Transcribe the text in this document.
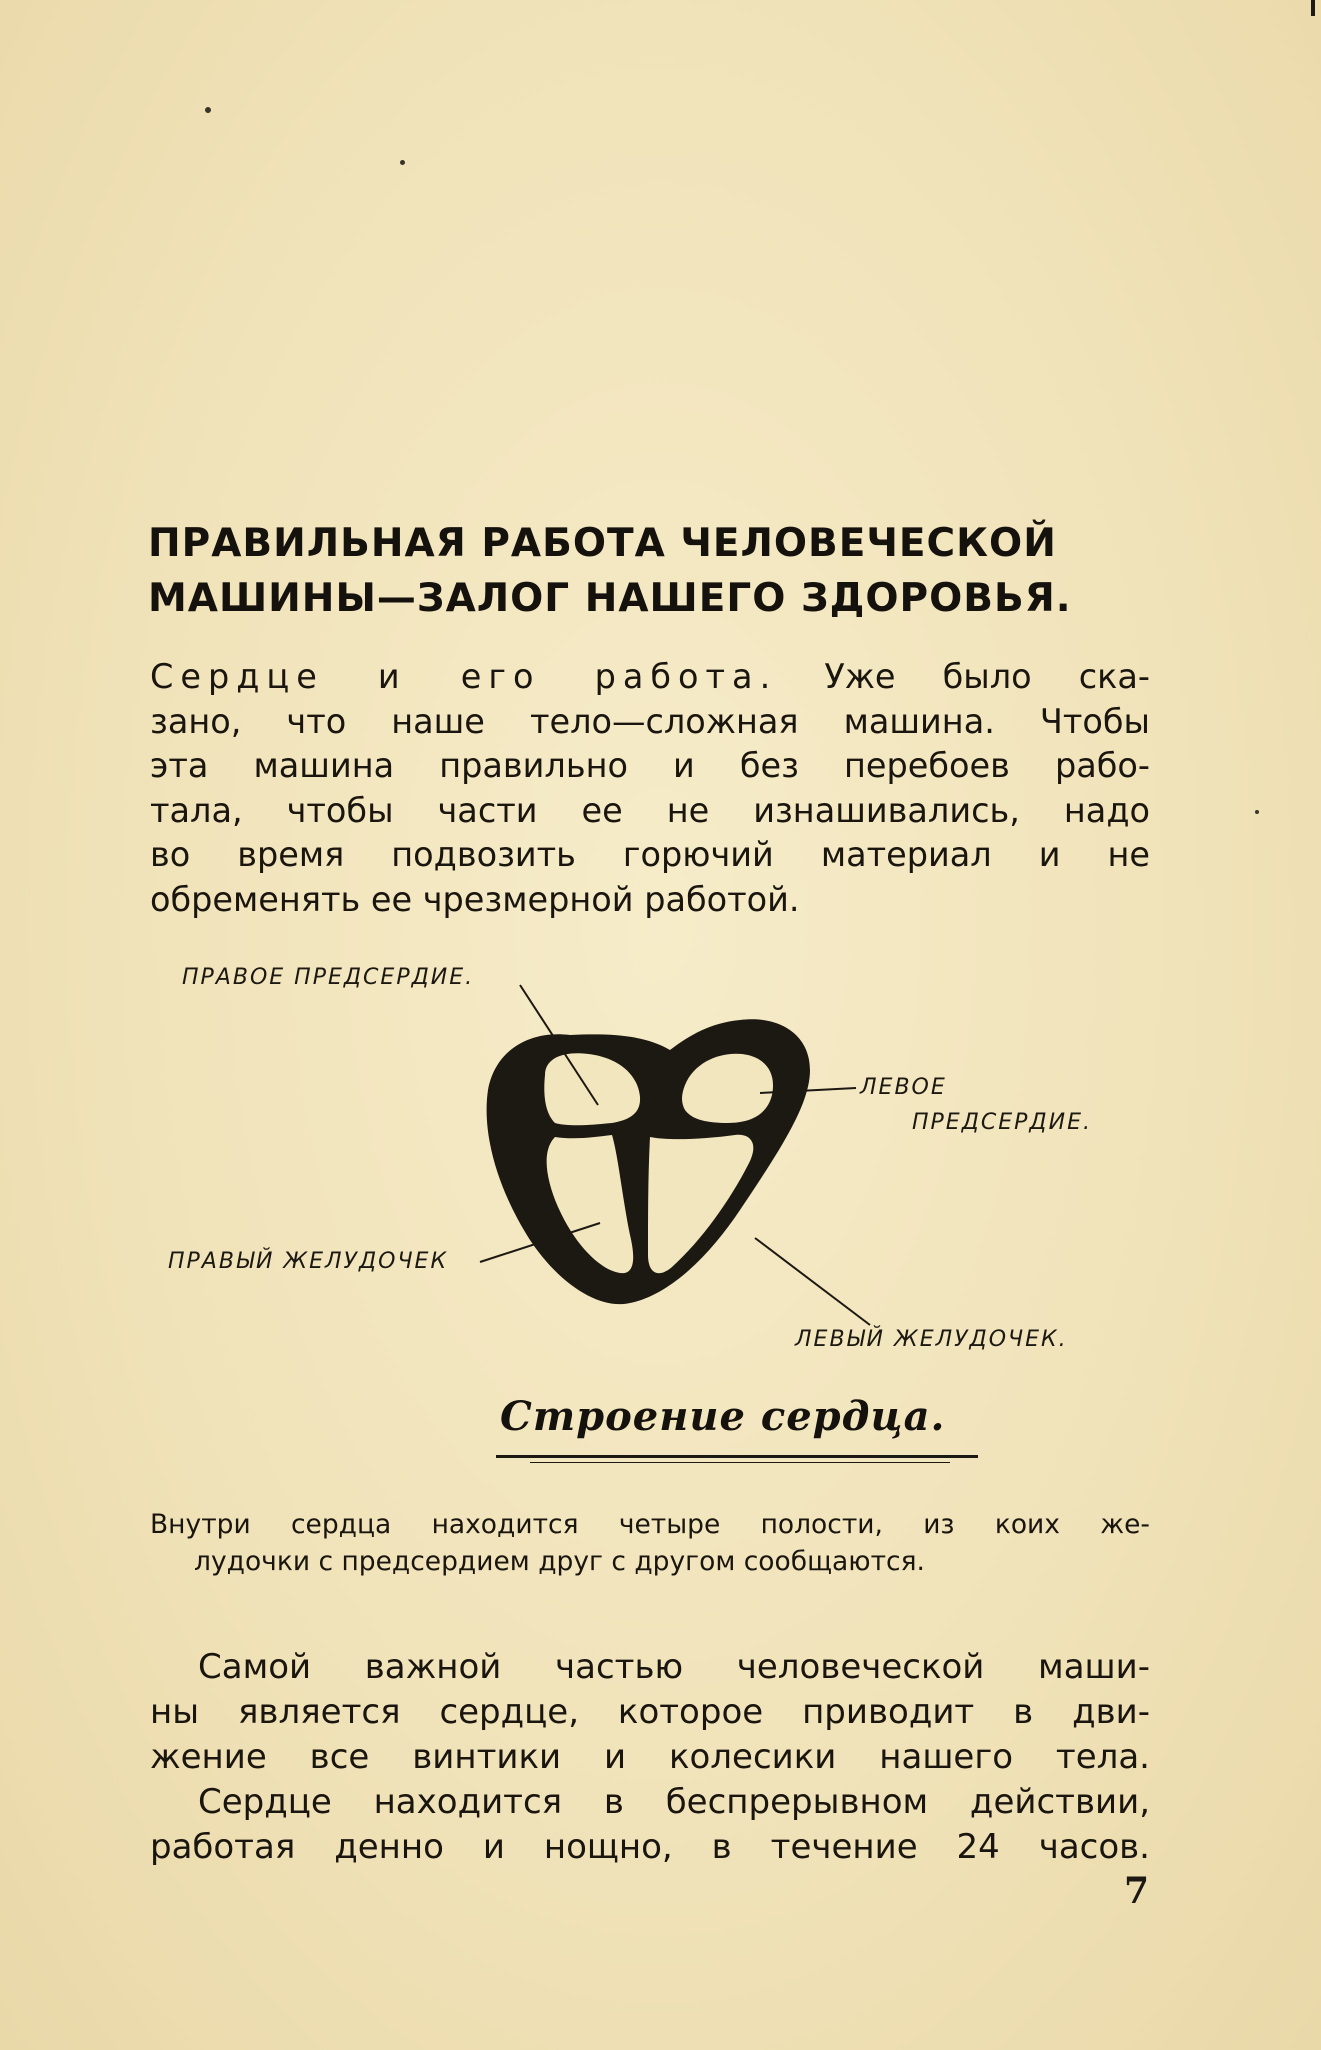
ПРАВИЛЬНАЯ РАБОТА ЧЕЛОВЕЧЕСКОЙ
МАШИНЫ—ЗАЛОГ НАШЕГО ЗДОРОВЬЯ.
Сердце и его работа. Уже было ска-
зано, что наше тело—сложная машина. Чтобы
эта машина правильно и без перебоев рабо-
тала, чтобы части ее не изнашивались, надо
во время подвозить горючий материал и не
обременять ее чрезмерной работой.
ПРАВОЕ ПРЕДСЕРДИЕ.
ЛЕВОЕ
ПРЕДСЕРДИЕ.
ПРАВЫЙ ЖЕЛУДОЧЕК
ЛЕВЫЙ ЖЕЛУДОЧЕК.
Строение сердца.
Внутри сердца находится четыре полости, из коих же-
лудочки с предсердием друг с другом сообщаются.
Самой важной частью человеческой маши-
ны является сердце, которое приводит в дви-
жение все винтики и колесики нашего тела.
Сердце находится в беспрерывном действии,
работая денно и нощно, в течение 24 часов.
7
